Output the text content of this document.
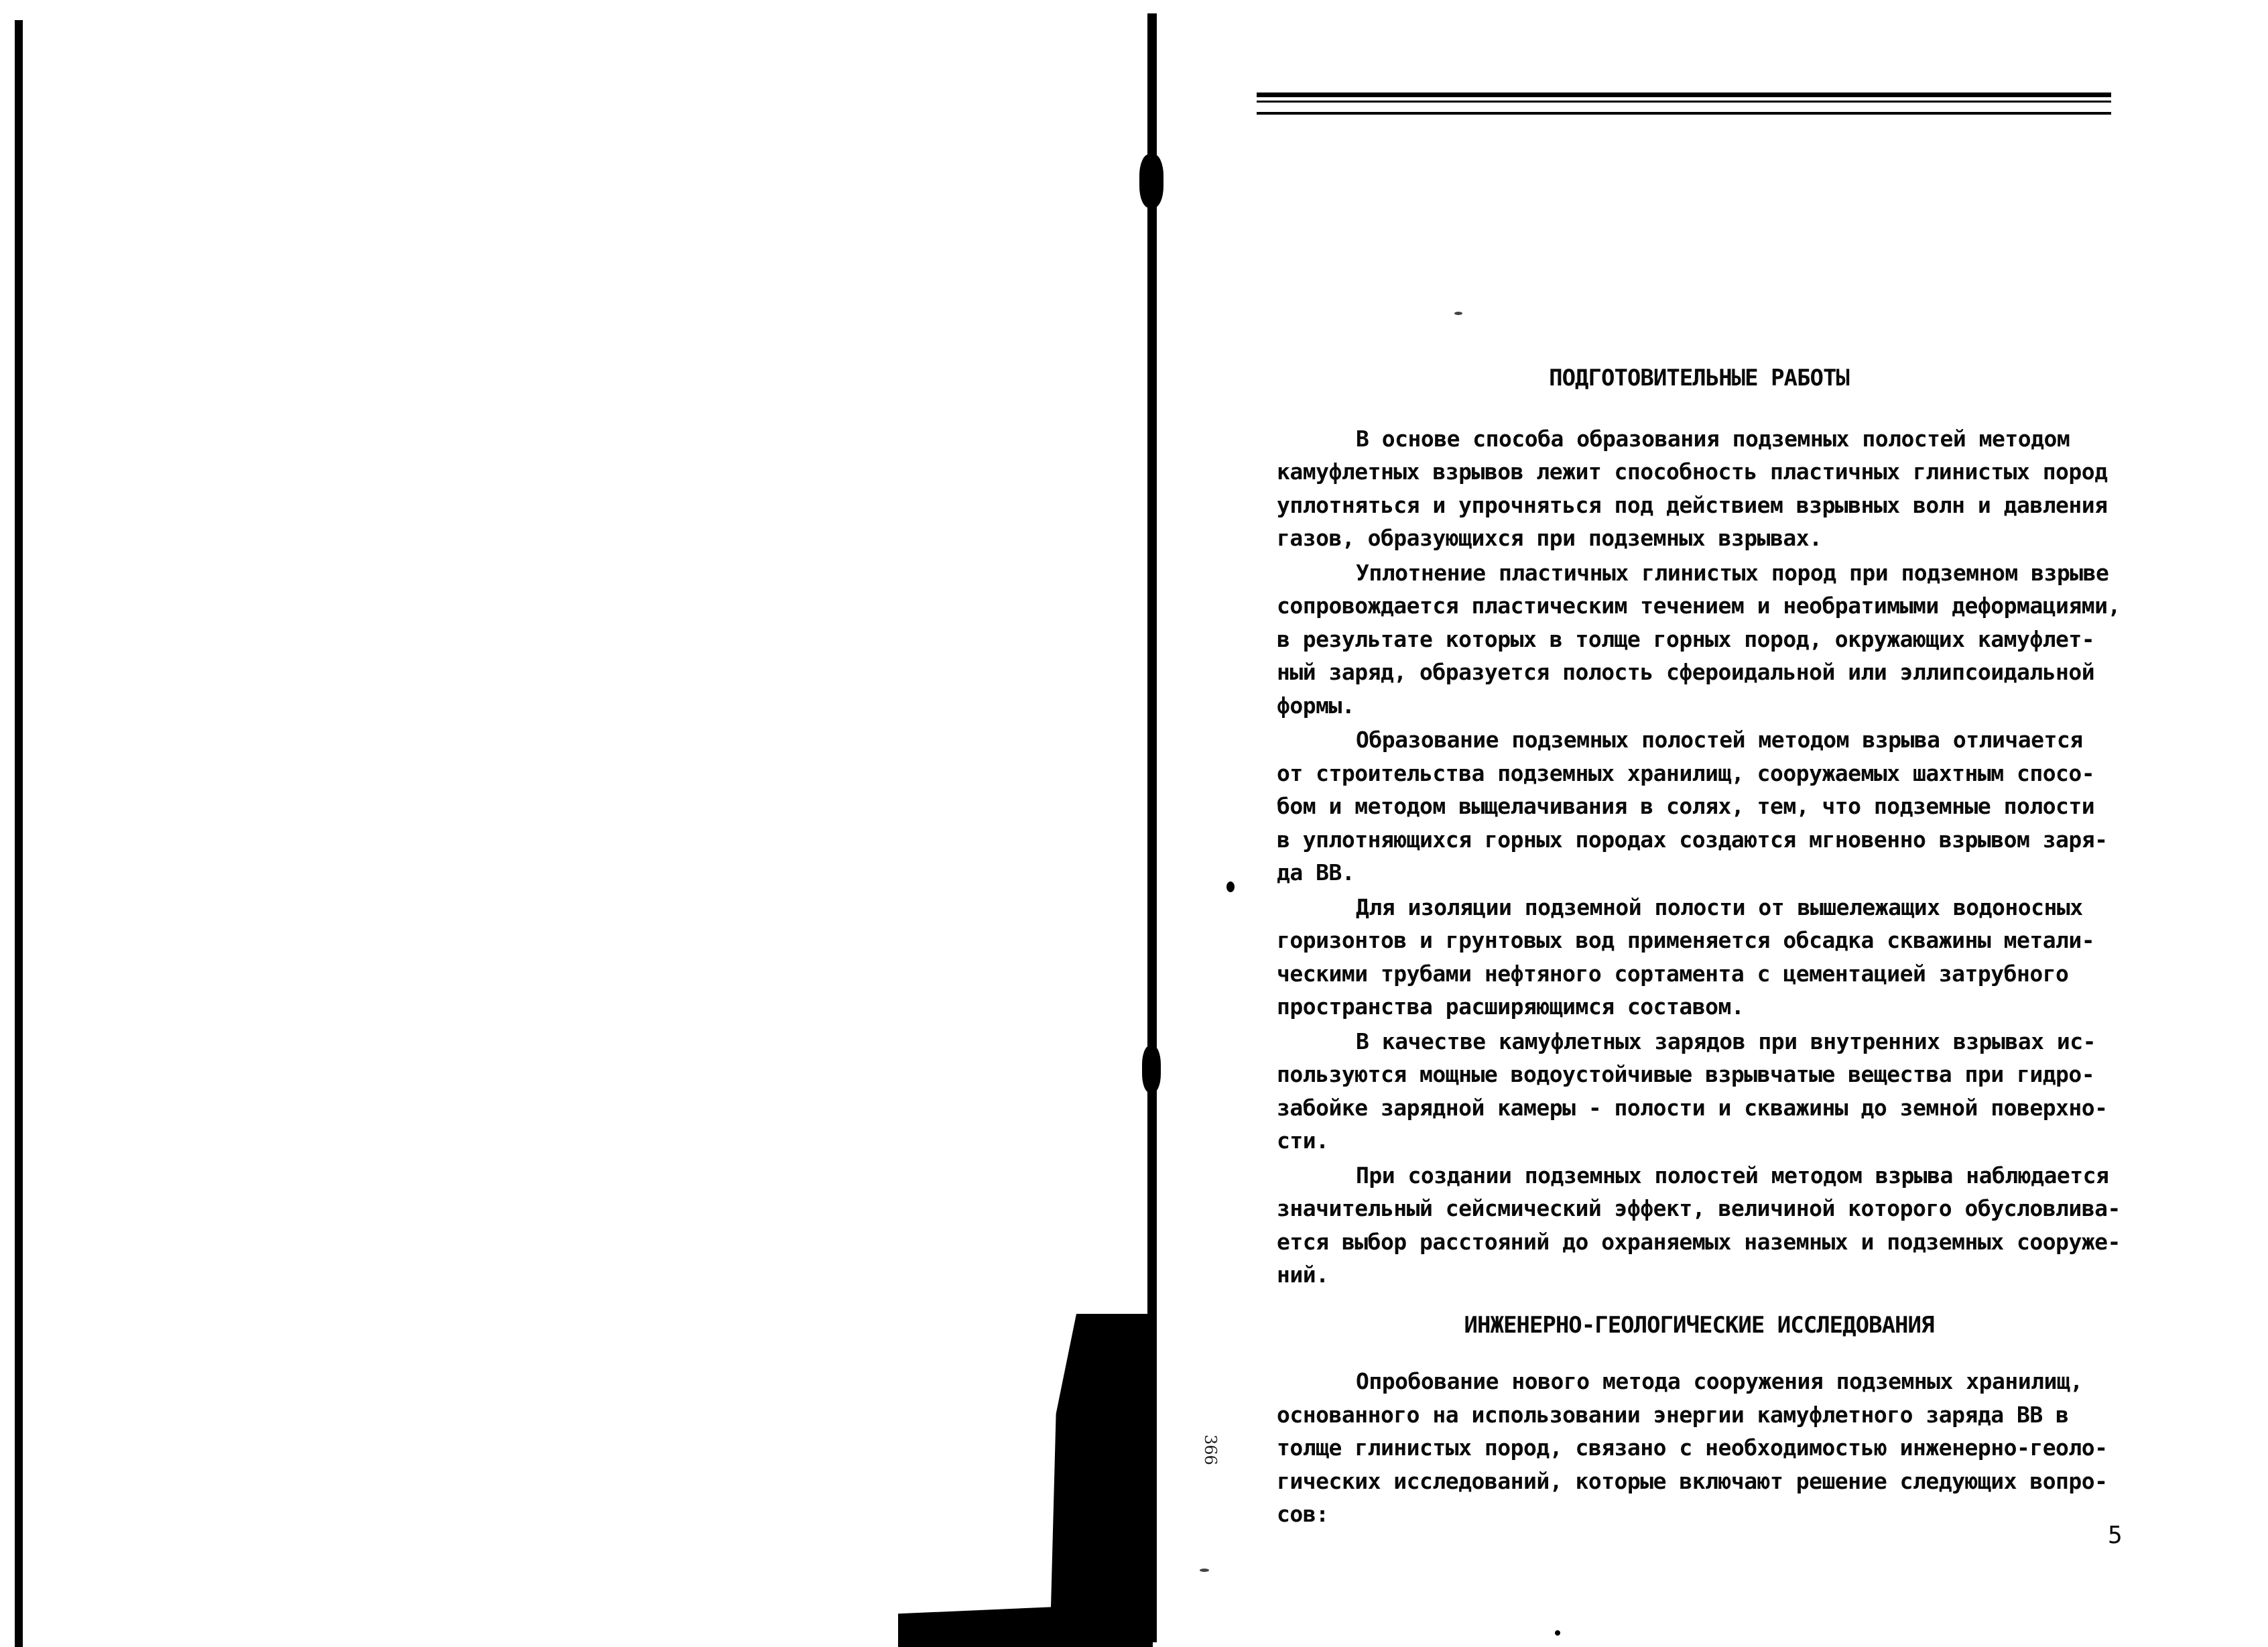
366
ПОДГОТОВИТЕЛЬНЫЕ РАБОТЫ
В основе способа образования подземных полостей методом
камуфлетных взрывов лежит способность пластичных глинистых пород
уплотняться и упрочняться под действием взрывных волн и давления
газов, образующихся при подземных взрывах.
Уплотнение пластичных глинистых пород при подземном взрыве
сопровождается пластическим течением и необратимыми деформациями,
в результате которых в толще горных пород, окружающих камуфлет-
ный заряд, образуется полость сфероидальной или эллипсоидальной
формы.
Образование подземных полостей методом взрыва отличается
от строительства подземных хранилищ, сооружаемых шахтным спосо-
бом и методом выщелачивания в солях, тем, что подземные полости
в уплотняющихся горных породах создаются мгновенно взрывом заря-
да ВВ.
Для изоляции подземной полости от вышележащих водоносных
горизонтов и грунтовых вод применяется обсадка скважины метали-
ческими трубами нефтяного сортамента с цементацией затрубного
пространства расширяющимся составом.
В качестве камуфлетных зарядов при внутренних взрывах ис-
пользуются мощные водоустойчивые взрывчатые вещества при гидро-
забойке зарядной камеры - полости и скважины до земной поверхно-
сти.
При создании подземных полостей методом взрыва наблюдается
значительный сейсмический эффект, величиной которого обусловлива-
ется выбор расстояний до охраняемых наземных и подземных сооруже-
ний.
ИНЖЕНЕРНО-ГЕОЛОГИЧЕСКИЕ ИССЛЕДОВАНИЯ
Опробование нового метода сооружения подземных хранилищ,
основанного на использовании энергии камуфлетного заряда ВВ в
толще глинистых пород, связано с необходимостью инженерно-геоло-
гических исследований, которые включают решение следующих вопро-
сов:
5
